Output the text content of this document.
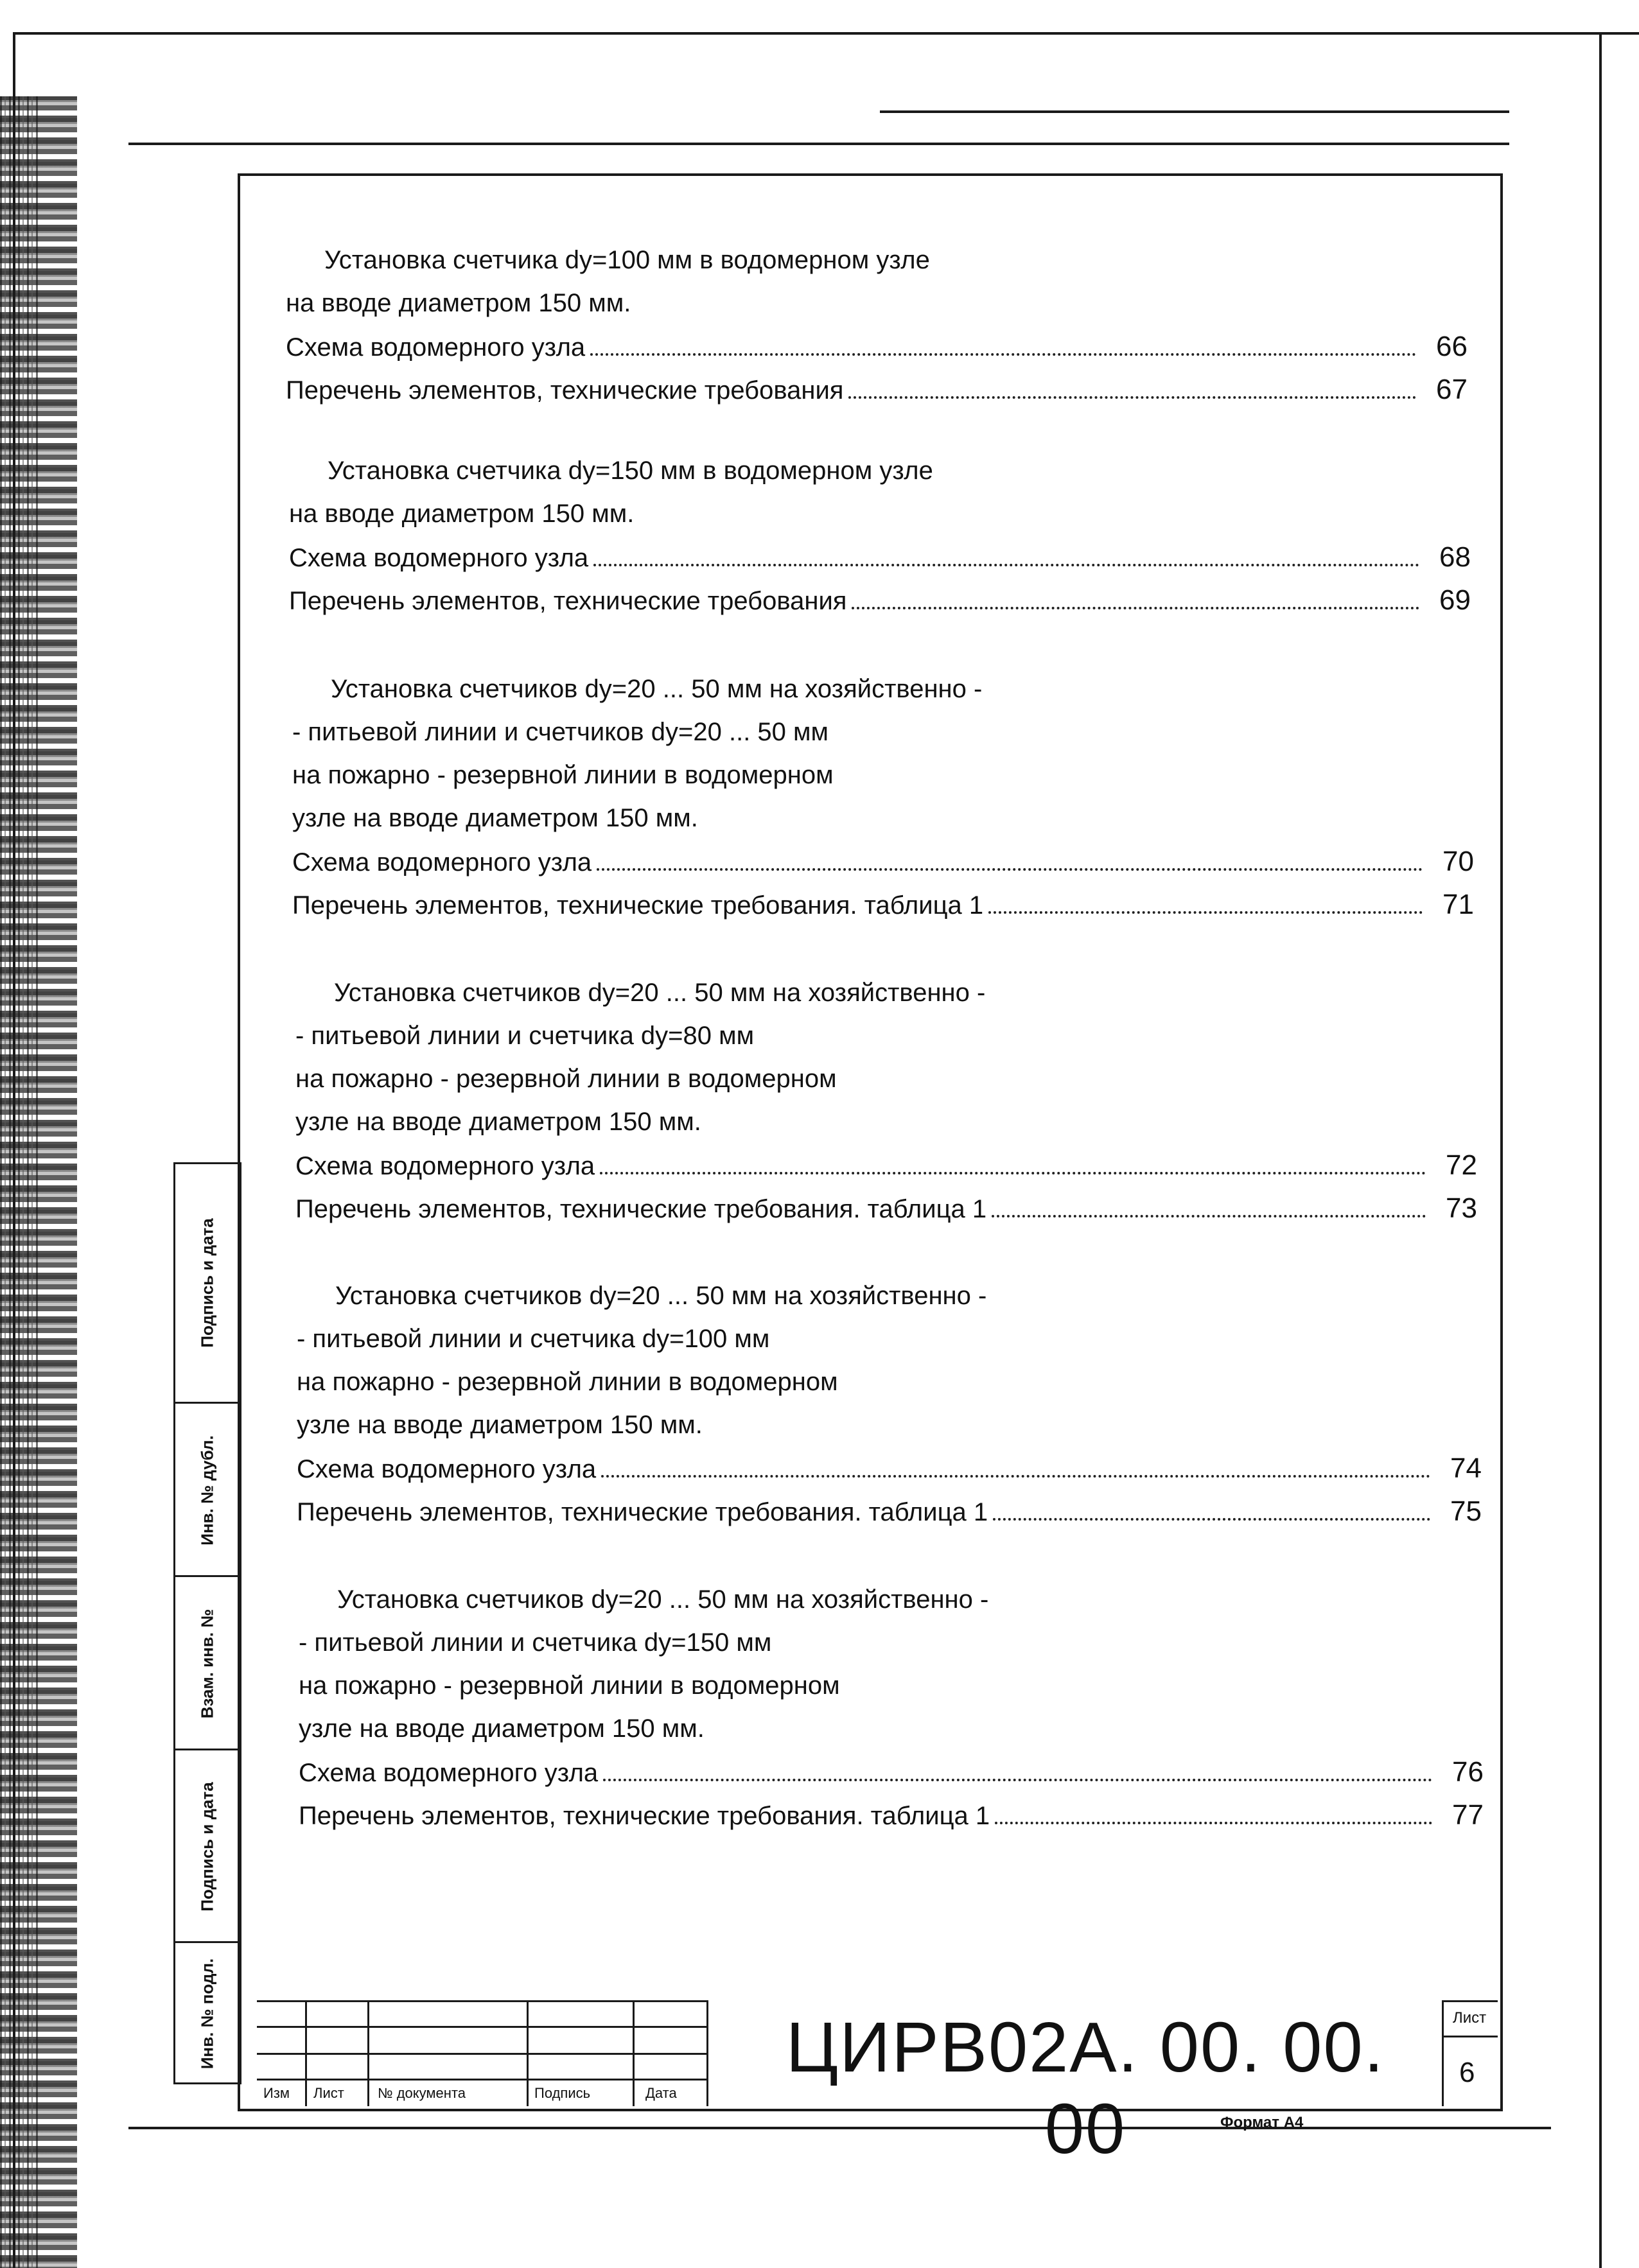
Установка счетчика dy=100 мм в водомерном узле
на вводе диаметром 150 мм.
Схема водомерного узла	66
Перечень элементов, технические требования	67
Установка счетчика dy=150 мм в водомерном узле
на вводе диаметром 150 мм.
Схема водомерного узла	68
Перечень элементов, технические требования	69
Установка счетчиков dy=20 ... 50 мм на хозяйственно -
- питьевой линии и счетчиков dy=20 ... 50 мм
на пожарно - резервной линии в водомерном
узле на вводе диаметром 150 мм.
Схема водомерного узла	70
Перечень элементов, технические требования. таблица 1	71
Установка счетчиков dy=20 ... 50 мм на хозяйственно -
- питьевой линии и счетчика dy=80 мм
на пожарно - резервной линии в водомерном
узле на вводе диаметром 150 мм.
Схема водомерного узла	72
Перечень элементов, технические требования. таблица 1	73
Установка счетчиков dy=20 ... 50 мм на хозяйственно -
- питьевой линии и счетчика dy=100 мм
на пожарно - резервной линии в водомерном
узле на вводе диаметром 150 мм.
Схема водомерного узла	74
Перечень элементов, технические требования. таблица 1	75
Установка счетчиков dy=20 ... 50 мм на хозяйственно -
- питьевой линии и счетчика dy=150 мм
на пожарно - резервной линии в водомерном
узле на вводе диаметром 150 мм.
Схема водомерного узла	76
Перечень элементов, технические требования. таблица 1	77
Подпись и дата
Инв. № дубл.
Взам. инв. №
Подпись и дата
Инв. № подл.
Изм Лист № документа	Подпись	Дата
ЦИРВ02А. 00. 00. 00
Лист
6
Формат А4
